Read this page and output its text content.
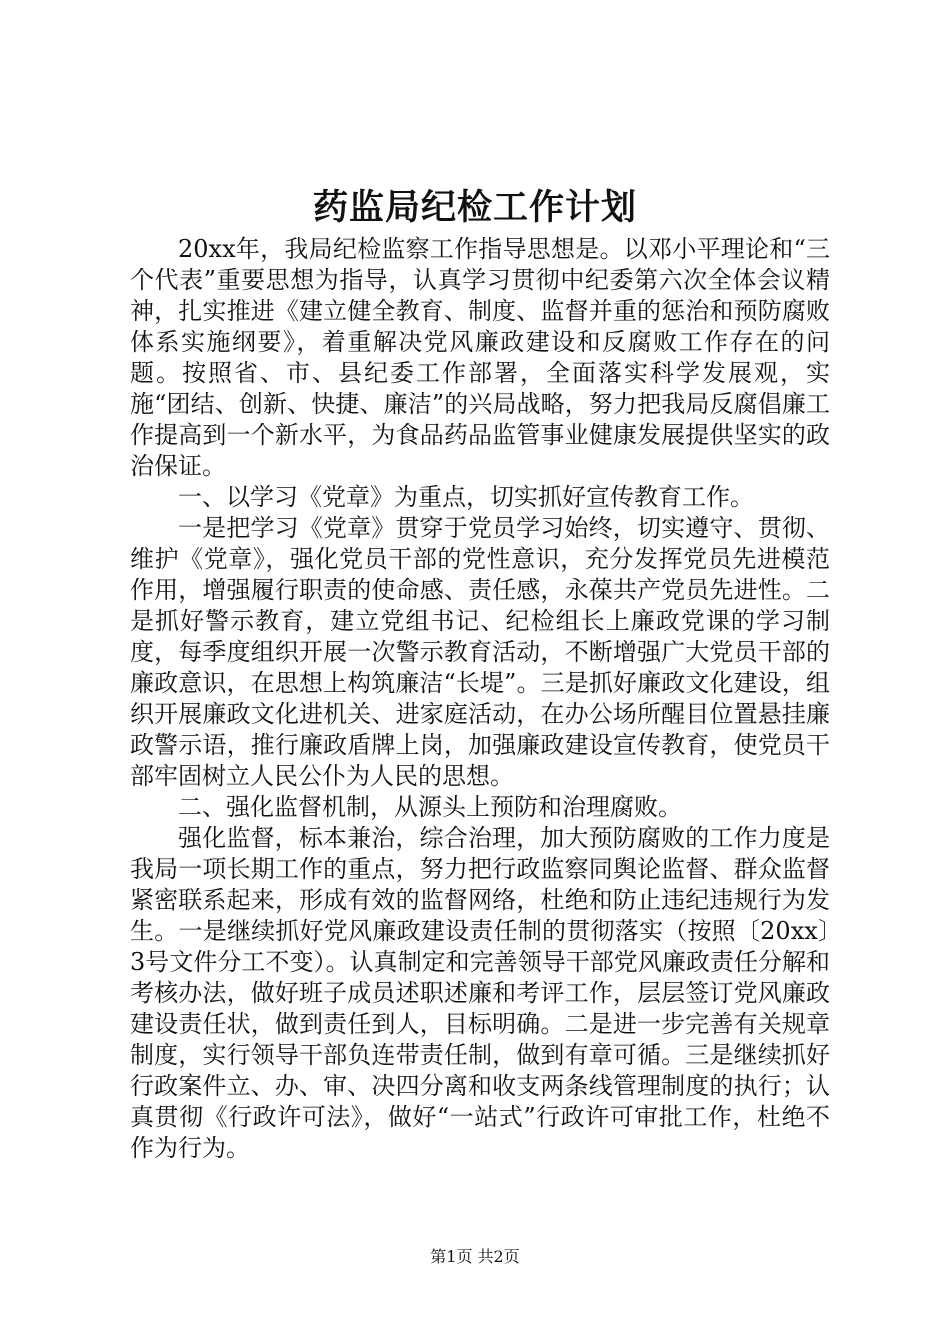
药监局纪检工作计划

20xx年，我局纪检监察工作指导思想是。以邓小平理论和“三个代表”重要思想为指导，认真学习贯彻中纪委第六次全体会议精神，扎实推进《建立健全教育、制度、监督并重的惩治和预防腐败体系实施纲要》，着重解决党风廉政建设和反腐败工作存在的问题。按照省、市、县纪委工作部署，全面落实科学发展观，实施“团结、创新、快捷、廉洁”的兴局战略，努力把我局反腐倡廉工作提高到一个新水平，为食品药品监管事业健康发展提供坚实的政治保证。

一、以学习《党章》为重点，切实抓好宣传教育工作。

一是把学习《党章》贯穿于党员学习始终，切实遵守、贯彻、维护《党章》，强化党员干部的党性意识，充分发挥党员先进模范作用，增强履行职责的使命感、责任感，永葆共产党员先进性。二是抓好警示教育，建立党组书记、纪检组长上廉政党课的学习制度，每季度组织开展一次警示教育活动，不断增强广大党员干部的廉政意识，在思想上构筑廉洁“长堤”。三是抓好廉政文化建设，组织开展廉政文化进机关、进家庭活动，在办公场所醒目位置悬挂廉政警示语，推行廉政盾牌上岗，加强廉政建设宣传教育，使党员干部牢固树立人民公仆为人民的思想。

二、强化监督机制，从源头上预防和治理腐败。

强化监督，标本兼治，综合治理，加大预防腐败的工作力度是我局一项长期工作的重点，努力把行政监察同舆论监督、群众监督紧密联系起来，形成有效的监督网络，杜绝和防止违纪违规行为发生。一是继续抓好党风廉政建设责任制的贯彻落实（按照〔20xx〕3号文件分工不变）。认真制定和完善领导干部党风廉政责任分解和考核办法，做好班子成员述职述廉和考评工作，层层签订党风廉政建设责任状，做到责任到人，目标明确。二是进一步完善有关规章制度，实行领导干部负连带责任制，做到有章可循。三是继续抓好行政案件立、办、审、决四分离和收支两条线管理制度的执行；认真贯彻《行政许可法》，做好“一站式”行政许可审批工作，杜绝不作为行为。

第1页 共2页
